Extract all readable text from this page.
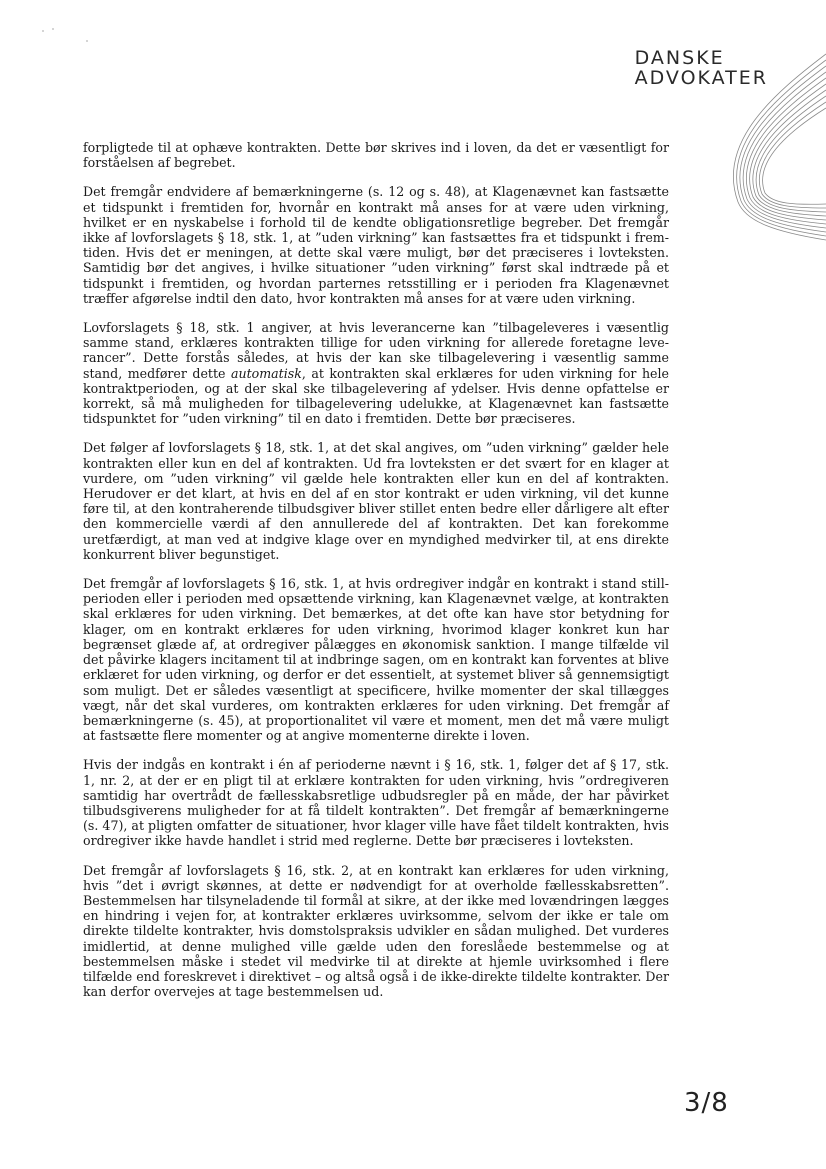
DANSKE
ADVOKATER

forpligtede til at ophæve kontrakten. Dette bør skrives ind i loven, da det er væsentligt for forståelsen af begrebet.

Det fremgår endvidere af bemærkningerne (s. 12 og s. 48), at Klagenævnet kan fastsætte et tidspunkt i fremtiden for, hvornår en kontrakt må anses for at være uden virkning, hvilket er en nyskabelse i forhold til de kendte obligationsretlige begreber. Det fremgår ikke af lovforslagets § 18, stk. 1, at ”uden virkning” kan fastsættes fra et tidspunkt i fremtiden. Hvis det er meningen, at dette skal være muligt, bør det præciseres i lovteksten. Samtidig bør det angives, i hvilke situationer ”uden virkning” først skal indtræde på et tidspunkt i fremtiden, og hvordan parternes retsstilling er i perioden fra Klagenævnet træffer afgørelse indtil den dato, hvor kontrakten må anses for at være uden virkning.

Lovforslagets § 18, stk. 1 angiver, at hvis leverancerne kan ”tilbageleveres i væsentlig samme stand, erklæres kontrakten tillige for uden virkning for allerede foretagne leverancer”. Dette forstås således, at hvis der kan ske tilbagelevering i væsentlig samme stand, medfører dette automatisk, at kontrakten skal erklæres for uden virkning for hele kontraktperioden, og at der skal ske tilbagelevering af ydelser. Hvis denne opfattelse er korrekt, så må muligheden for tilbagelevering udelukke, at Klagenævnet kan fastsætte tidspunktet for ”uden virkning” til en dato i fremtiden. Dette bør præciseres.

Det følger af lovforslagets § 18, stk. 1, at det skal angives, om ”uden virkning” gælder hele kontrakten eller kun en del af kontrakten. Ud fra lovteksten er det svært for en klager at vurdere, om ”uden virkning” vil gælde hele kontrakten eller kun en del af kontrakten. Herudover er det klart, at hvis en del af en stor kontrakt er uden virkning, vil det kunne føre til, at den kontraherende tilbudsgiver bliver stillet enten bedre eller dårligere alt efter den kommercielle værdi af den annullerede del af kontrakten. Det kan forekomme uretfærdigt, at man ved at indgive klage over en myndighed medvirker til, at ens direkte konkurrent bliver begunstiget.

Det fremgår af lovforslagets § 16, stk. 1, at hvis ordregiver indgår en kontrakt i stand still-perioden eller i perioden med opsættende virkning, kan Klagenævnet vælge, at kontrakten skal erklæres for uden virkning. Det bemærkes, at det ofte kan have stor betydning for klager, om en kontrakt erklæres for uden virkning, hvorimod klager konkret kun har begrænset glæde af, at ordregiver pålægges en økonomisk sanktion. I mange tilfælde vil det påvirke klagers incitament til at indbringe sagen, om en kontrakt kan forventes at blive erklæret for uden virkning, og derfor er det essentielt, at systemet bliver så gennemsigtigt som muligt. Det er således væsentligt at specificere, hvilke momenter der skal tillægges vægt, når det skal vurderes, om kontrakten erklæres for uden virkning. Det fremgår af bemærkningerne (s. 45), at proportionalitet vil være et moment, men det må være muligt at fastsætte flere momenter og at angive momenterne direkte i loven.

Hvis der indgås en kontrakt i én af perioderne nævnt i § 16, stk. 1, følger det af § 17, stk. 1, nr. 2, at der er en pligt til at erklære kontrakten for uden virkning, hvis ”ordregiveren samtidig har overtrådt de fællesskabsretlige udbudsregler på en måde, der har påvirket tilbudsgiverens muligheder for at få tildelt kontrakten”. Det fremgår af bemærkningerne (s. 47), at pligten omfatter de situationer, hvor klager ville have fået tildelt kontrakten, hvis ordregiver ikke havde handlet i strid med reglerne. Dette bør præciseres i lovteksten.

Det fremgår af lovforslagets § 16, stk. 2, at en kontrakt kan erklæres for uden virkning, hvis ”det i øvrigt skønnes, at dette er nødvendigt for at overholde fællesskabsretten”. Bestemmelsen har tilsyneladende til formål at sikre, at der ikke med lovændringen lægges en hindring i vejen for, at kontrakter erklæres uvirksomme, selvom der ikke er tale om direkte tildelte kontrakter, hvis domstolspraksis udvikler en sådan mulighed. Det vurderes imidlertid, at denne mulighed ville gælde uden den foreslåede bestemmelse og at bestemmelsen måske i stedet vil medvirke til at direkte at hjemle uvirksomhed i flere tilfælde end foreskrevet i direktivet – og altså også i de ikke-direkte tildelte kontrakter. Der kan derfor overvejes at tage bestemmelsen ud.

3/8
